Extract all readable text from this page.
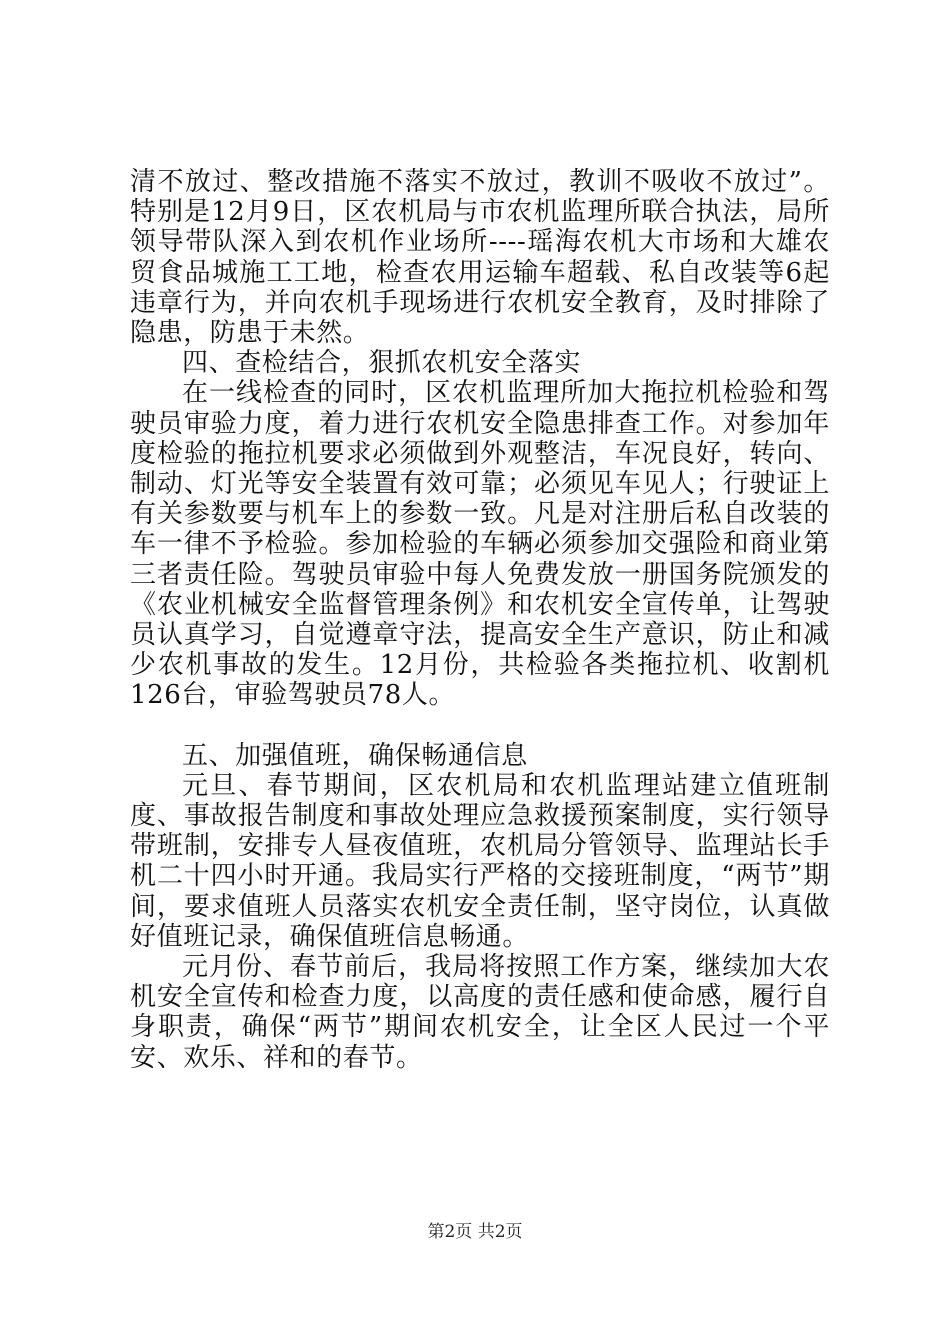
清不放过、整改措施不落实不放过，教训不吸收不放过”。特别是12月9日，区农机局与市农机监理所联合执法，局所领导带队深入到农机作业场所----瑶海农机大市场和大雄农贸食品城施工工地，检查农用运输车超载、私自改装等6起违章行为，并向农机手现场进行农机安全教育，及时排除了隐患，防患于未然。

四、查检结合，狠抓农机安全落实

在一线检查的同时，区农机监理所加大拖拉机检验和驾驶员审验力度，着力进行农机安全隐患排查工作。对参加年度检验的拖拉机要求必须做到外观整洁，车况良好，转向、制动、灯光等安全装置有效可靠；必须见车见人；行驶证上有关参数要与机车上的参数一致。凡是对注册后私自改装的车一律不予检验。参加检验的车辆必须参加交强险和商业第三者责任险。驾驶员审验中每人免费发放一册国务院颁发的《农业机械安全监督管理条例》和农机安全宣传单，让驾驶员认真学习，自觉遵章守法，提高安全生产意识，防止和减少农机事故的发生。12月份，共检验各类拖拉机、收割机126台，审验驾驶员78人。

五、加强值班，确保畅通信息

元旦、春节期间，区农机局和农机监理站建立值班制度、事故报告制度和事故处理应急救援预案制度，实行领导带班制，安排专人昼夜值班，农机局分管领导、监理站长手机二十四小时开通。我局实行严格的交接班制度，“两节”期间，要求值班人员落实农机安全责任制，坚守岗位，认真做好值班记录，确保值班信息畅通。

元月份、春节前后，我局将按照工作方案，继续加大农机安全宣传和检查力度，以高度的责任感和使命感，履行自身职责，确保“两节”期间农机安全，让全区人民过一个平安、欢乐、祥和的春节。

第2页 共2页
